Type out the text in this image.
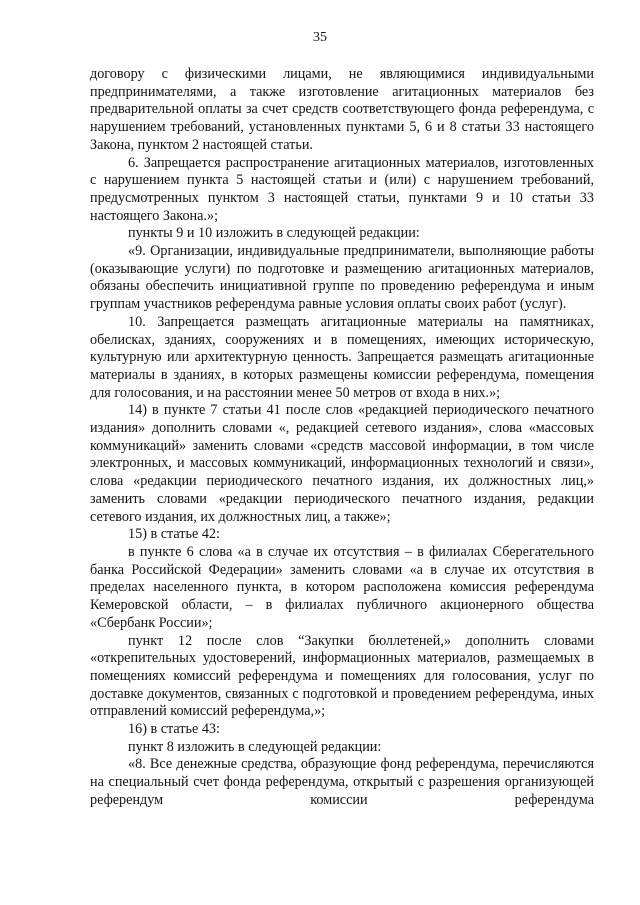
35

договору с физическими лицами, не являющимися индивидуальными предпринимателями, а также изготовление агитационных материалов без предварительной оплаты за счет средств соответствующего фонда референдума, с нарушением требований, установленных пунктами 5, 6 и 8 статьи 33 настоящего Закона, пунктом 2 настоящей статьи.

6. Запрещается распространение агитационных материалов, изготовленных с нарушением пункта 5 настоящей статьи и (или) с нарушением требований, предусмотренных пунктом 3 настоящей статьи, пунктами 9 и 10 статьи 33 настоящего Закона.»;

пункты 9 и 10 изложить в следующей редакции:

«9. Организации, индивидуальные предприниматели, выполняющие работы (оказывающие услуги) по подготовке и размещению агитационных материалов, обязаны обеспечить инициативной группе по проведению референдума и иным группам участников референдума равные условия оплаты своих работ (услуг).

10. Запрещается размещать агитационные материалы на памятниках, обелисках, зданиях, сооружениях и в помещениях, имеющих историческую, культурную или архитектурную ценность. Запрещается размещать агитационные материалы в зданиях, в которых размещены комиссии референдума, помещения для голосования, и на расстоянии менее 50 метров от входа в них.»;

14) в пункте 7 статьи 41 после слов «редакцией периодического печатного издания» дополнить словами «, редакцией сетевого издания», слова «массовых коммуникаций» заменить словами «средств массовой информации, в том числе электронных, и массовых коммуникаций, информационных технологий и связи», слова «редакции периодического печатного издания, их должностных лиц,» заменить словами «редакции периодического печатного издания, редакции сетевого издания, их должностных лиц, а также»;

15) в статье 42:

в пункте 6 слова «а в случае их отсутствия – в филиалах Сберегательного банка Российской Федерации» заменить словами «а в случае их отсутствия в пределах населенного пункта, в котором расположена комиссия референдума Кемеровской области, – в филиалах публичного акционерного общества «Сбербанк России»;

пункт 12 после слов “Закупки бюллетеней,» дополнить словами «открепительных удостоверений, информационных материалов, размещаемых в помещениях комиссий референдума и помещениях для голосования, услуг по доставке документов, связанных с подготовкой и проведением референдума, иных отправлений комиссий референдума,»;

16) в статье 43:

пункт 8 изложить в следующей редакции:

«8. Все денежные средства, образующие фонд референдума, перечисляются на специальный счет фонда референдума, открытый с разрешения организующей референдум комиссии референдума
